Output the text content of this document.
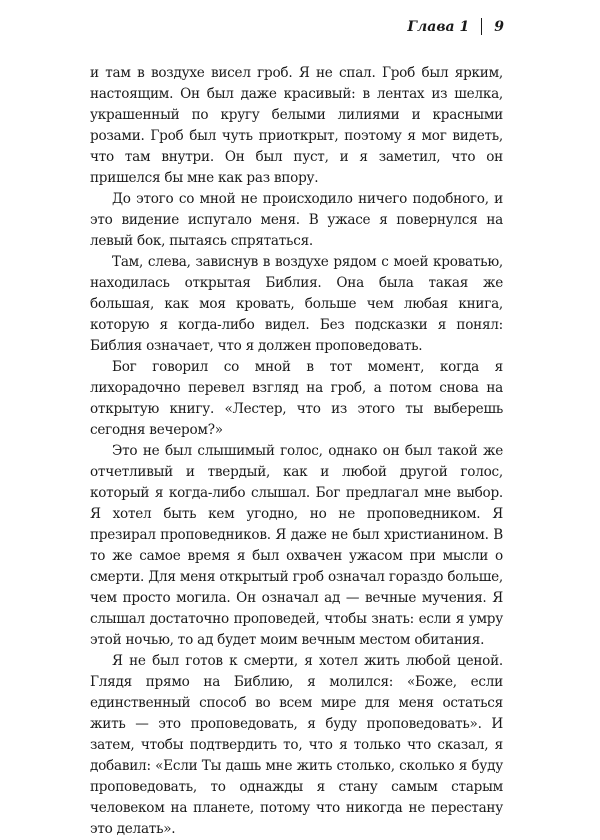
Глава 1 9

и там в воздухе висел гроб. Я не спал. Гроб был ярким, настоящим. Он был даже красивый: в лентах из шелка, украшенный по кругу белыми лилиями и красными розами. Гроб был чуть приоткрыт, поэтому я мог видеть, что там внутри. Он был пуст, и я заметил, что он пришелся бы мне как раз впору.

До этого со мной не происходило ничего подобного, и это видение испугало меня. В ужасе я повернулся на левый бок, пытаясь спрятаться.

Там, слева, зависнув в воздухе рядом с моей кроватью, находилась открытая Библия. Она была такая же большая, как моя кровать, больше чем любая книга, которую я когда-либо видел. Без подсказки я понял: Библия означает, что я должен проповедовать.

Бог говорил со мной в тот момент, когда я лихорадочно перевел взгляд на гроб, а потом снова на открытую книгу. «Лестер, что из этого ты выберешь сегодня вечером?»

Это не был слышимый голос, однако он был такой же отчетливый и твердый, как и любой другой голос, который я когда-либо слышал. Бог предлагал мне выбор. Я хотел быть кем угодно, но не проповедником. Я презирал проповедников. Я даже не был христианином. В то же самое время я был охвачен ужасом при мысли о смерти. Для меня открытый гроб означал гораздо больше, чем просто могила. Он означал ад — вечные мучения. Я слышал достаточно проповедей, чтобы знать: если я умру этой ночью, то ад будет моим вечным местом обитания.

Я не был готов к смерти, я хотел жить любой ценой. Глядя прямо на Библию, я молился: «Боже, если единственный способ во всем мире для меня остаться жить — это проповедовать, я буду проповедовать». И затем, чтобы подтвердить то, что я только что сказал, я добавил: «Если Ты дашь мне жить столько, сколько я буду проповедовать, то однажды я стану самым старым человеком на планете, потому что никогда не перестану это делать».
